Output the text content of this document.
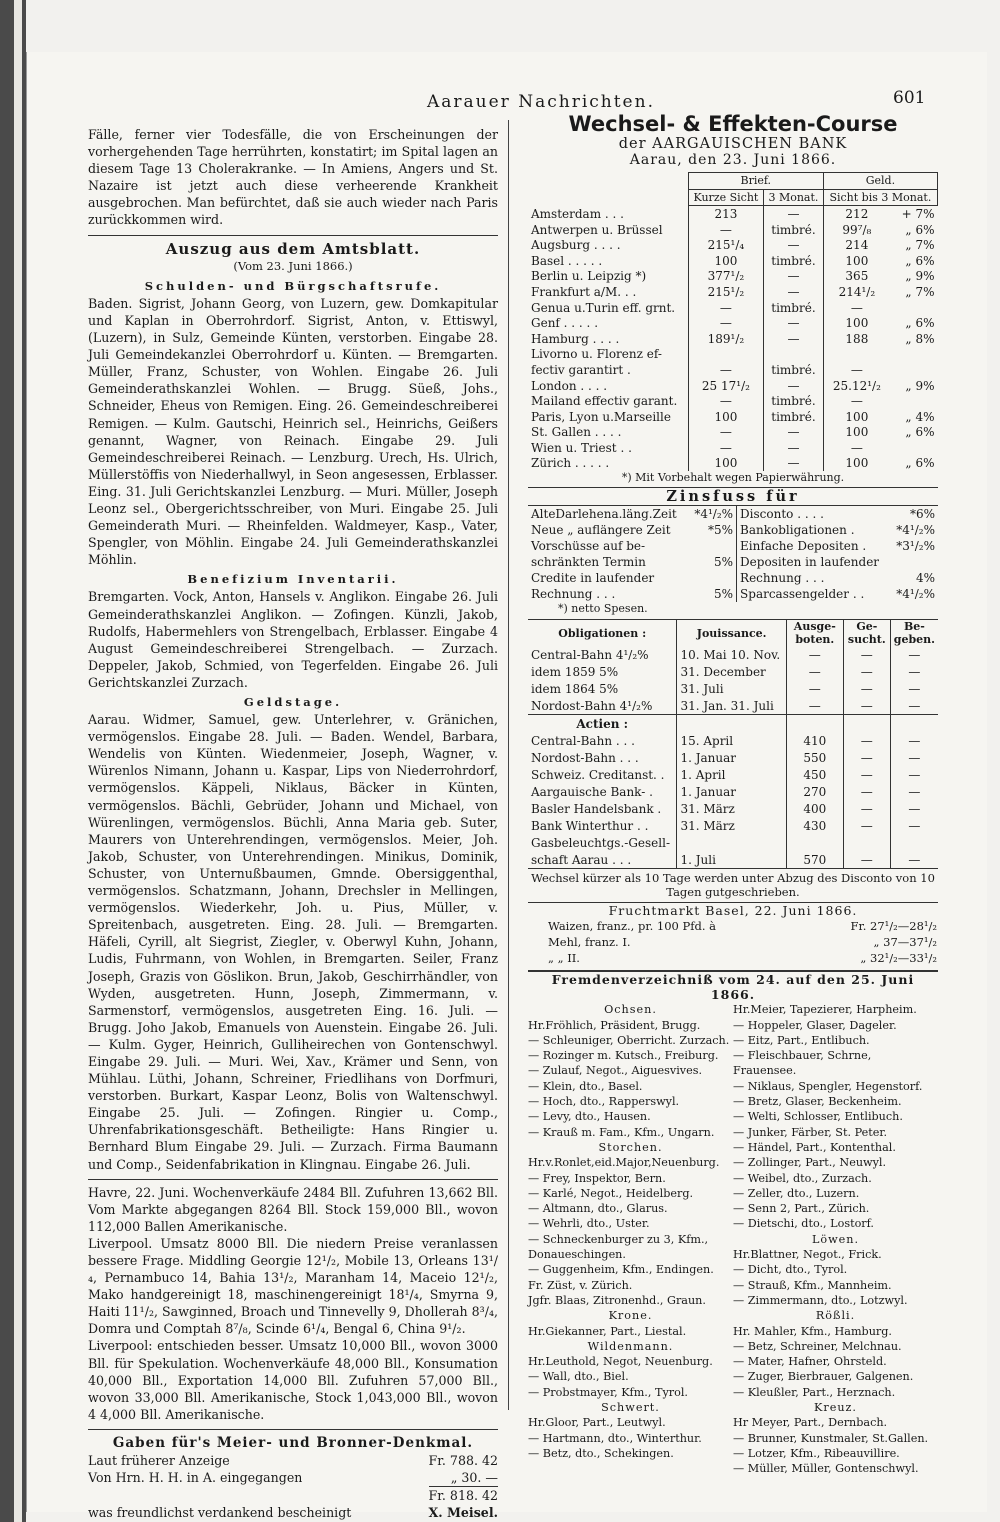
Aarauer Nachrichten.	601

Fälle, ferner vier Todesfälle, die von Erscheinungen der vorhergehenden Tage herrührten, konstatirt; im Spital lagen an diesem Tage 13 Cholerakranke. — In Amiens, Angers und St. Nazaire ist jetzt auch diese verheerende Krankheit ausgebrochen. Man befürchtet, daß sie auch wieder nach Paris zurückkommen wird.

Auszug aus dem Amtsblatt.
(Vom 23. Juni 1866.)
Schulden- und Bürgschaftsrufe.

Baden. Sigrist, Johann Georg, von Luzern, gew. Domkapitular und Kaplan in Oberrohrdorf. Sigrist, Anton, v. Ettiswyl, (Luzern), in Sulz, Gemeinde Künten, verstorben. Eingabe 28. Juli Gemeindekanzlei Oberrohrdorf u. Künten. — Bremgarten. Müller, Franz, Schuster, von Wohlen. Eingabe 26. Juli Gemeinderathskanzlei Wohlen. — Brugg. Süeß, Johs., Schneider, Eheus von Remigen. Eing. 26. Gemeindeschreiberei Remigen. — Kulm. Gautschi, Heinrich sel., Heinrichs, Geißers genannt, Wagner, von Reinach. Eingabe 29. Juli Gemeindeschreiberei Reinach. — Lenzburg. Urech, Hs. Ulrich, Müllerstöffis von Niederhallwyl, in Seon angesessen, Erblasser. Eing. 31. Juli Gerichtskanzlei Lenzburg. — Muri. Müller, Joseph Leonz sel., Obergerichtsschreiber, von Muri. Eingabe 25. Juli Gemeinderath Muri. — Rheinfelden. Waldmeyer, Kasp., Vater, Spengler, von Möhlin. Eingabe 24. Juli Gemeinderathskanzlei Möhlin.

Benefizium Inventarii.

Bremgarten. Vock, Anton, Hansels v. Anglikon. Eingabe 26. Juli Gemeinderathskanzlei Anglikon. — Zofingen. Künzli, Jakob, Rudolfs, Habermehlers von Strengelbach, Erblasser. Eingabe 4 August Gemeindeschreiberei Strengelbach. — Zurzach. Deppeler, Jakob, Schmied, von Tegerfelden. Eingabe 26. Juli Gerichtskanzlei Zurzach.

Geldstage.

Aarau. Widmer, Samuel, gew. Unterlehrer, v. Gränichen, vermögenslos. Eingabe 28. Juli. — Baden. Wendel, Barbara, Wendelis von Künten. Wiedenmeier, Joseph, Wagner, v. Würenlos Nimann, Johann u. Kaspar, Lips von Niederrohrdorf, vermögenslos. Käppeli, Niklaus, Bäcker in Künten, vermögenslos. Bächli, Gebrüder, Johann und Michael, von Würenlingen, vermögenslos. Büchli, Anna Maria geb. Suter, Maurers von Unterehrendingen, vermögenslos. Meier, Joh. Jakob, Schuster, von Unterehrendingen. Minikus, Dominik, Schuster, von Unternußbaumen, Gmnde. Obersiggenthal, vermögenslos. Schatzmann, Johann, Drechsler in Mellingen, vermögenslos. Wiederkehr, Joh. u. Pius, Müller, v. Spreitenbach, ausgetreten. Eing. 28. Juli. — Bremgarten. Häfeli, Cyrill, alt Siegrist, Ziegler, v. Oberwyl Kuhn, Johann, Ludis, Fuhrmann, von Wohlen, in Bremgarten. Seiler, Franz Joseph, Grazis von Göslikon. Brun, Jakob, Geschirrhändler, von Wyden, ausgetreten. Hunn, Joseph, Zimmermann, v. Sarmenstorf, vermögenslos, ausgetreten Eing. 16. Juli. — Brugg. Joho Jakob, Emanuels von Auenstein. Eingabe 26. Juli. — Kulm. Gyger, Heinrich, Gulliheirechen von Gontenschwyl. Eingabe 29. Juli. — Muri. Wei, Xav., Krämer und Senn, von Mühlau. Lüthi, Johann, Schreiner, Friedlihans von Dorfmuri, verstorben. Burkart, Kaspar Leonz, Bolis von Waltenschwyl. Eingabe 25. Juli. — Zofingen. Ringier u. Comp., Uhrenfabrikationsgeschäft. Betheiligte: Hans Ringier u. Bernhard Blum Eingabe 29. Juli. — Zurzach. Firma Baumann und Comp., Seidenfabrikation in Klingnau. Eingabe 26. Juli.

Havre, 22. Juni. Wochenverkäufe 2484 Bll. Zufuhren 13,662 Bll. Vom Markte abgegangen 8264 Bll. Stock 159,000 Bll., wovon 112,000 Ballen Amerikanische.

Liverpool. Umsatz 8000 Bll. Die niedern Preise veranlassen bessere Frage. Middling Georgie 12¹/₂, Mobile 13, Orleans 13¹/₄, Pernambuco 14, Bahia 13¹/₂, Maranham 14, Maceio 12¹/₂, Mako handgereinigt 18, maschinengereinigt 18¹/₄, Smyrna 9, Haiti 11¹/₂, Sawginned, Broach und Tinnevelly 9, Dhollerah 8³/₄, Domra und Comptah 8⁷/₈, Scinde 6¹/₄, Bengal 6, China 9¹/₂.

Liverpool: entschieden besser. Umsatz 10,000 Bll., wovon 3000 Bll. für Spekulation. Wochenverkäufe 48,000 Bll., Konsumation 40,000 Bll., Exportation 14,000 Bll. Zufuhren 57,000 Bll., wovon 33,000 Bll. Amerikanische, Stock 1,043,000 Bll., wovon 4 4,000 Bll. Amerikanische.

Gaben für's Meier- und Bronner-Denkmal.
Laut früherer Anzeige	Fr. 788. 42
Von Hrn. H. H. in A. eingegangen	„ 30. —
Fr. 818. 42
was freundlichst verdankend bescheinigt	X. Meisel.
Wechsel- & Effekten-Course
der AARGAUISCHEN BANK
Aarau, den 23. Juni 1866.
	Brief.		Geld.	
	Kurze Sicht	3 Monat.	Sicht bis 3 Monat.	
Amsterdam . . .	213	—	212	+ 7%
Antwerpen u. Brüssel	—	timbré.	99⁷/₈	„ 6%
Augsburg . . . .	215¹/₄	—	214	„ 7%
Basel . . . . .	100	timbré.	100	„ 6%
Berlin u. Leipzig *)	377¹/₂	—	365	„ 9%
Frankfurt a/M. . .	215¹/₂	—	214¹/₂	„ 7%
Genua u.Turin eff. grnt.	—	timbré.	—	
Genf . . . . .	—	—	100	„ 6%
Hamburg . . . .	189¹/₂	—	188	„ 8%
Livorno u. Florenz ef-				
fectiv garantirt .	—	timbré.	—	
London . . . .	25 17¹/₂	—	25.12¹/₂	„ 9%
Mailand effectiv garant.	—	timbré.	—	
Paris, Lyon u.Marseille	100	timbré.	100	„ 4%
St. Gallen . . . .	—	—	100	„ 6%
Wien u. Triest . .	—	—	—	
Zürich . . . . .	100	—	100	„ 6%
*) Mit Vorbehalt wegen Papierwährung.
Zinsfuss für
AlteDarlehena.läng.Zeit	*4¹/₂%	Disconto . . . .	*6%
Neue „ auflängere Zeit	*5%	Bankobligationen .	*4¹/₂%
Vorschüsse auf be-		Einfache Depositen .	*3¹/₂%
schränkten Termin	5%	Depositen in laufender	
Credite in laufender		Rechnung . . .	4%
Rechnung . . .	5%	Sparcassengelder . .	*4¹/₂%
*) netto Spesen.
Obligationen :	Jouissance.	Ausge-boten.	Ge-sucht.	Be-geben.
Central-Bahn 4¹/₂%	10. Mai 10. Nov.	—	—	—
idem 1859 5%	31. December	—	—	—
idem 1864 5%	31. Juli	—	—	—
Nordost-Bahn 4¹/₂%	31. Jan. 31. Juli	—	—	—
Actien :				
Central-Bahn . . .	15. April	410	—	—
Nordost-Bahn . . .	1. Januar	550	—	—
Schweiz. Creditanst. .	1. April	450	—	—
Aargauische Bank- .	1. Januar	270	—	—
Basler Handelsbank .	31. März	400	—	—
Bank Winterthur . .	31. März	430	—	—
Gasbeleuchtgs.-Gesell-				
schaft Aarau . . .	1. Juli	570	—	—
Wechsel kürzer als 10 Tage werden unter Abzug des Disconto von 10 Tagen gutgeschrieben.
Fruchtmarkt Basel, 22. Juni 1866.
Waizen, franz., pr. 100 Pfd. à	Fr. 27¹/₂—28¹/₂
Mehl, franz. I.	„ 37—37¹/₂
„ „ II.	„ 32¹/₂—33¹/₂
Fremdenverzeichniß vom 24. auf den 25. Juni 1866.
Ochsen.
Hr.Fröhlich, Präsident, Brugg.
— Schleuniger, Oberricht. Zurzach.
— Rozinger m. Kutsch., Freiburg.
— Zulauf, Negot., Aiguesvives.
— Klein, dto., Basel.
— Hoch, dto., Rapperswyl.
— Levy, dto., Hausen.
— Krauß m. Fam., Kfm., Ungarn.
Storchen.
Hr.v.Ronlet,eid.Major,Neuenburg.
— Frey, Inspektor, Bern.
— Karlé, Negot., Heidelberg.
— Altmann, dto., Glarus.
— Wehrli, dto., Uster.
— Schneckenburger zu 3, Kfm.,
Donaueschingen.
— Guggenheim, Kfm., Endingen.
Fr. Züst, v. Zürich.
Jgfr. Blaas, Zitronenhd., Graun.
Krone.
Hr.Giekanner, Part., Liestal.
Wildenmann.
Hr.Leuthold, Negot, Neuenburg.
— Wall, dto., Biel.
— Probstmayer, Kfm., Tyrol.
Schwert.
Hr.Gloor, Part., Leutwyl.
— Hartmann, dto., Winterthur.
— Betz, dto., Schekingen.
Hr.Meier, Tapezierer, Harpheim.
— Hoppeler, Glaser, Dageler.
— Eitz, Part., Entlibuch.
— Fleischbauer, Schrne, Frauensee.
— Niklaus, Spengler, Hegenstorf.
— Bretz, Glaser, Beckenheim.
— Welti, Schlosser, Entlibuch.
— Junker, Färber, St. Peter.
— Händel, Part., Kontenthal.
— Zollinger, Part., Neuwyl.
— Weibel, dto., Zurzach.
— Zeller, dto., Luzern.
— Senn 2, Part., Zürich.
— Dietschi, dto., Lostorf.
Löwen.
Hr.Blattner, Negot., Frick.
— Dicht, dto., Tyrol.
— Strauß, Kfm., Mannheim.
— Zimmermann, dto., Lotzwyl.
Rößli.
Hr. Mahler, Kfm., Hamburg.
— Betz, Schreiner, Melchnau.
— Mater, Hafner, Ohrsteld.
— Zuger, Bierbrauer, Galgenen.
— Kleußler, Part., Herznach.
Kreuz.
Hr Meyer, Part., Dernbach.
— Brunner, Kunstmaler, St.Gallen.
— Lotzer, Kfm., Ribeauvillire.
— Müller, Müller, Gontenschwyl.
